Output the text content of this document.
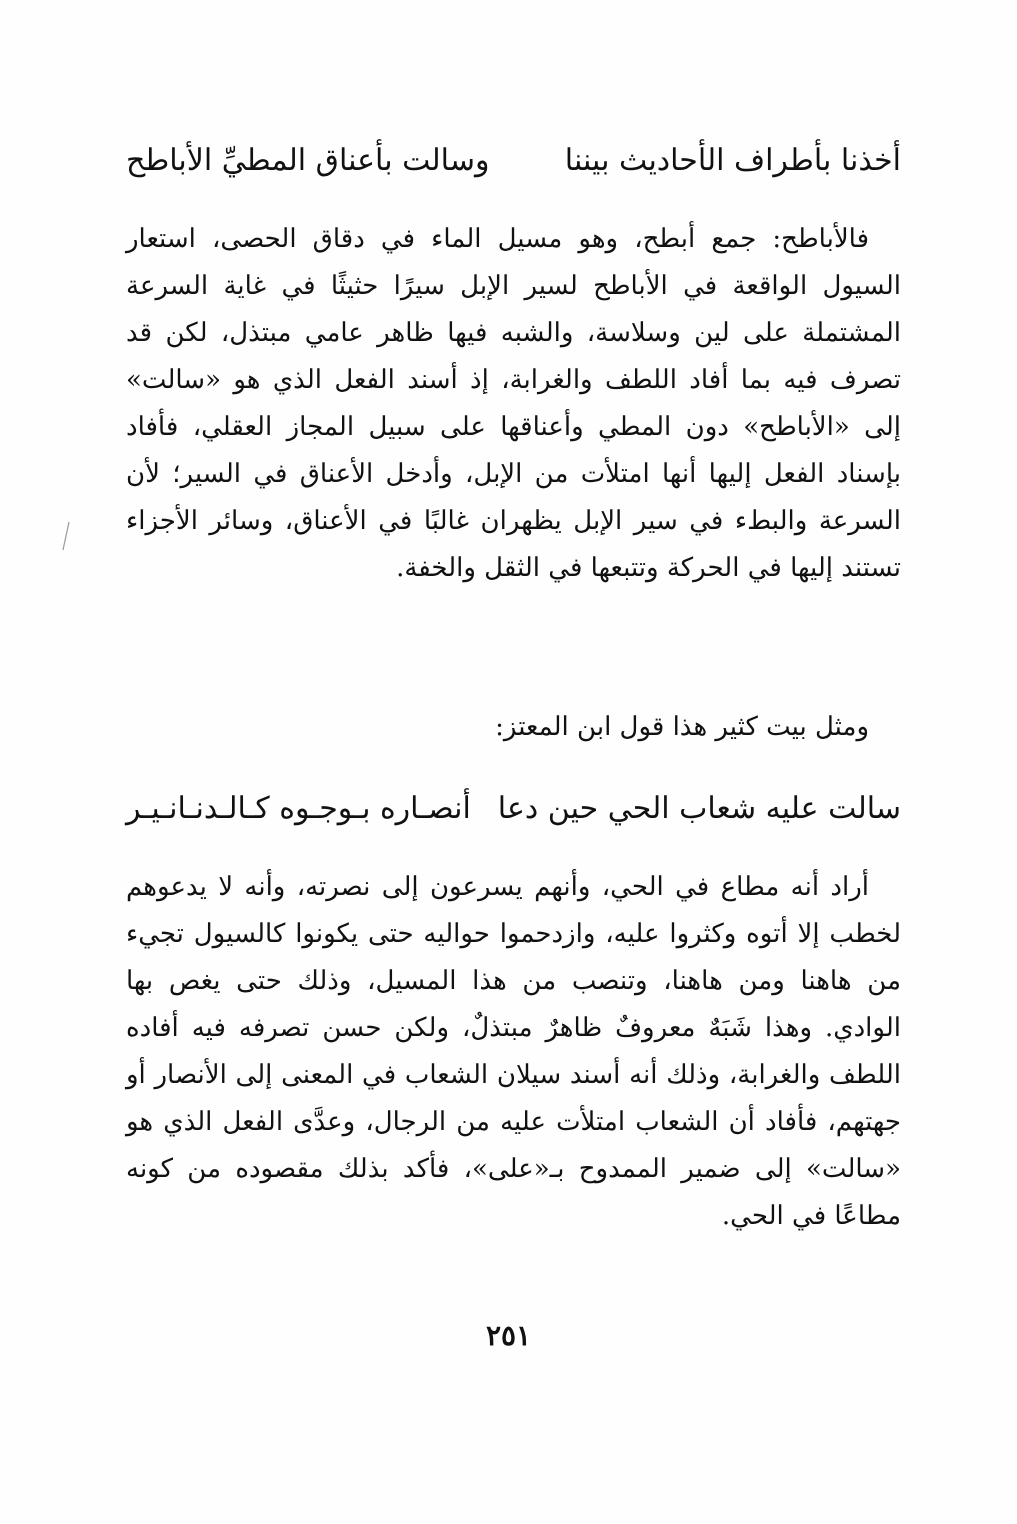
أخذنا بأطراف الأحاديث بيننا
وسالت بأعناق المطيِّ الأباطح

فالأباطح: جمع أبطح، وهو مسيل الماء في دقاق الحصى، استعار السيول الواقعة في الأباطح لسير الإبل سيرًا حثيثًا في غاية السرعة المشتملة على لين وسلاسة، والشبه فيها ظاهر عامي مبتذل، لكن قد تصرف فيه بما أفاد اللطف والغرابة، إذ أسند الفعل الذي هو «سالت» إلى «الأباطح» دون المطي وأعناقها على سبيل المجاز العقلي، فأفاد بإسناد الفعل إليها أنها امتلأت من الإبل، وأدخل الأعناق في السير؛ لأن السرعة والبطء في سير الإبل يظهران غالبًا في الأعناق، وسائر الأجزاء تستند إليها في الحركة وتتبعها في الثقل والخفة.

ومثل بيت كثير هذا قول ابن المعتز:

سالت عليه شعاب الحي حين دعا
أنصـاره بـوجـوه كـالـدنـانـيـر

أراد أنه مطاع في الحي، وأنهم يسرعون إلى نصرته، وأنه لا يدعوهم لخطب إلا أتوه وكثروا عليه، وازدحموا حواليه حتى يكونوا كالسيول تجيء من هاهنا ومن هاهنا، وتنصب من هذا المسيل، وذلك حتى يغص بها الوادي. وهذا شَبَهٌ معروفٌ ظاهرٌ مبتذلٌ، ولكن حسن تصرفه فيه أفاده اللطف والغرابة، وذلك أنه أسند سيلان الشعاب في المعنى إلى الأنصار أو جهتهم، فأفاد أن الشعاب امتلأت عليه من الرجال، وعدَّى الفعل الذي هو «سالت» إلى ضمير الممدوح بـ«على»، فأكد بذلك مقصوده من كونه مطاعًا في الحي.

٢٥١
